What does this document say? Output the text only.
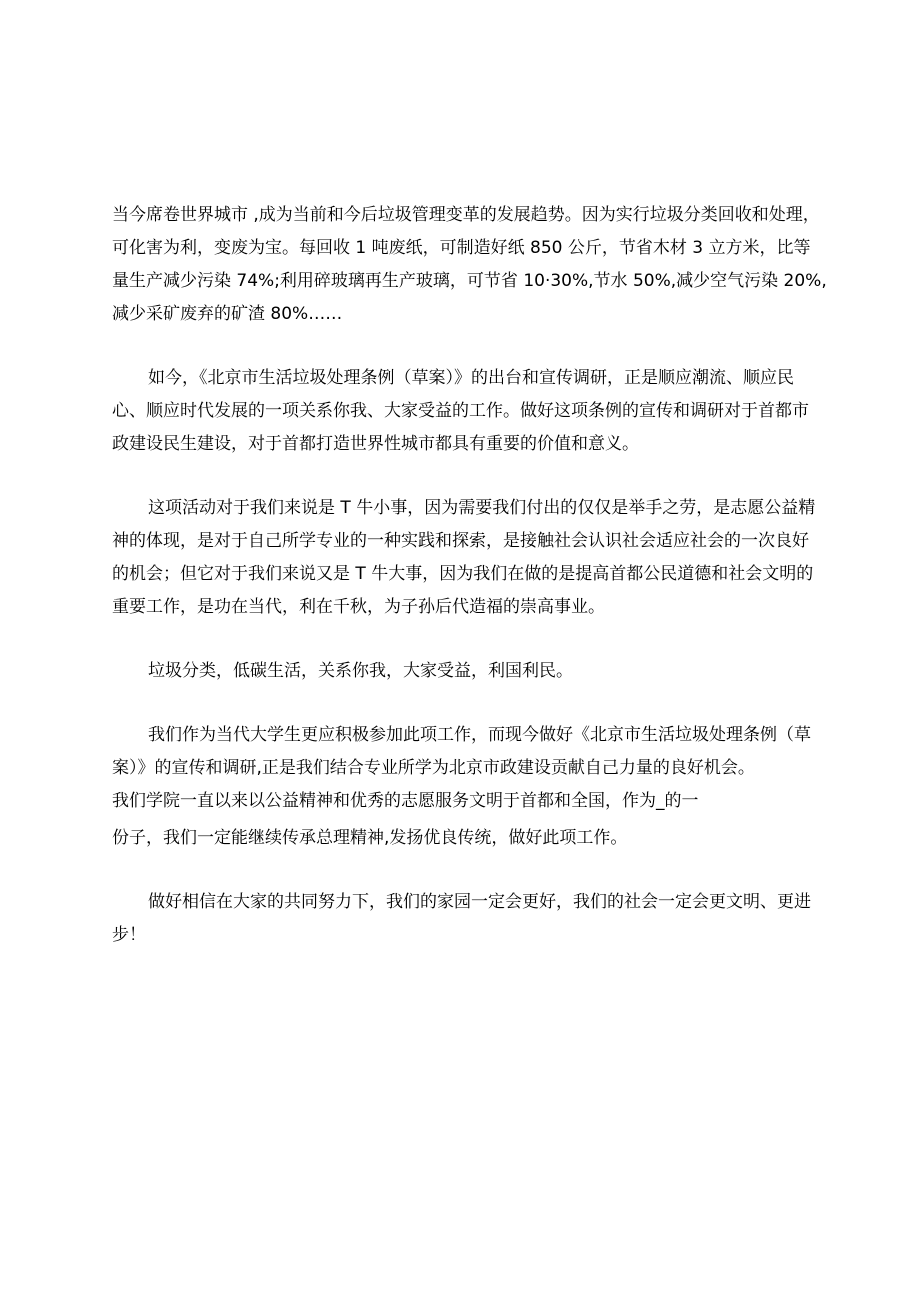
当今席卷世界城市 ,成为当前和今后垃圾管理变革的发展趋势。因为实行垃圾分类回收和处理，
可化害为利，变废为宝。每回收 1 吨废纸，可制造好纸 850 公斤，节省木材 3 立方米，比等
量生产减少污染 74%;利用碎玻璃再生产玻璃，可节省 10·30%,节水 50%,减少空气污染 20%,
减少采矿废弃的矿渣 80%……

如今，《北京市生活垃圾处理条例（草案）》的出台和宣传调研，正是顺应潮流、顺应民
心、顺应时代发展的一项关系你我、大家受益的工作。做好这项条例的宣传和调研对于首都市
政建设民生建设，对于首都打造世界性城市都具有重要的价值和意义。

这项活动对于我们来说是 T 牛小事，因为需要我们付出的仅仅是举手之劳，是志愿公益精
神的体现，是对于自己所学专业的一种实践和探索，是接触社会认识社会适应社会的一次良好
的机会；但它对于我们来说又是 T 牛大事，因为我们在做的是提高首都公民道德和社会文明的
重要工作，是功在当代，利在千秋，为子孙后代造福的崇高事业。

垃圾分类，低碳生活，关系你我，大家受益，利国利民。

我们作为当代大学生更应积极参加此项工作，而现今做好《北京市生活垃圾处理条例（草
案）》的宣传和调研,正是我们结合专业所学为北京市政建设贡献自己力量的良好机会。

我们学院一直以来以公益精神和优秀的志愿服务文明于首都和全国，作为_的一
份子，我们一定能继续传承总理精神,发扬优良传统，做好此项工作。

做好相信在大家的共同努力下，我们的家园一定会更好，我们的社会一定会更文明、更进
步！
